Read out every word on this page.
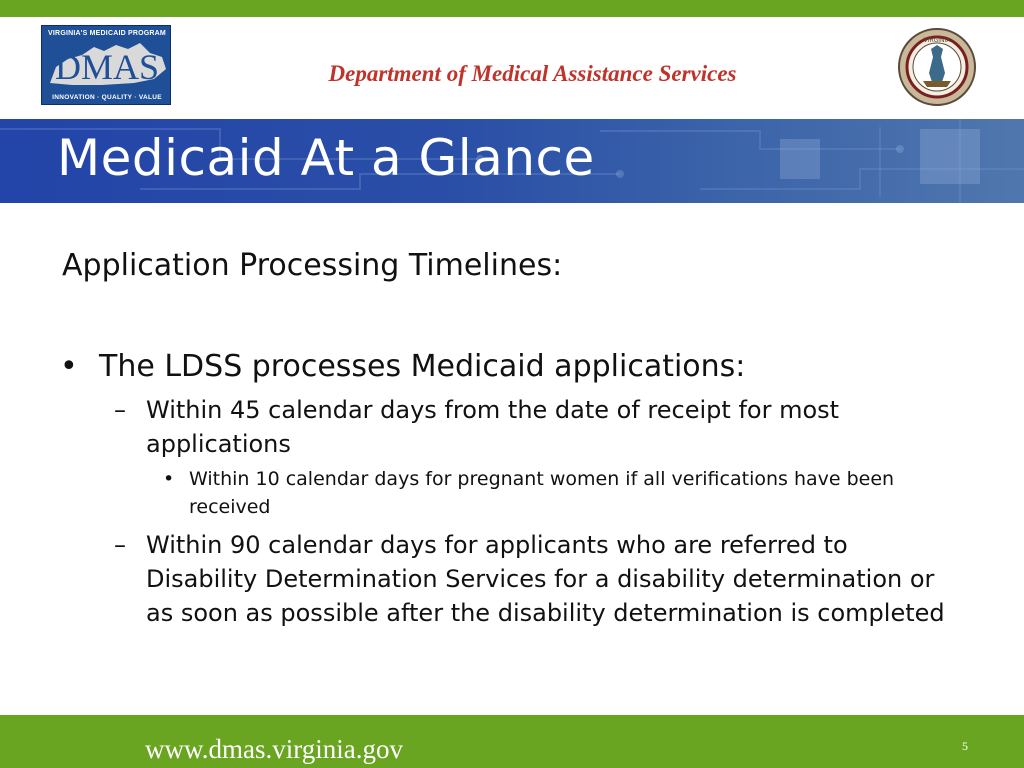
VIRGINIA'S MEDICAID PROGRAM
DMAS
INNOVATION · QUALITY · VALUE
Department of Medical Assistance Services
VIRGINIA
Medicaid At a Glance
Application Processing Timelines:
• The LDSS processes Medicaid applications:
– Within 45 calendar days from the date of receipt for most applications
• Within 10 calendar days for pregnant women if all verifications have been received
– Within 90 calendar days for applicants who are referred to Disability Determination Services for a disability determination or as soon as possible after the disability determination is completed
www.dmas.virginia.gov	5
